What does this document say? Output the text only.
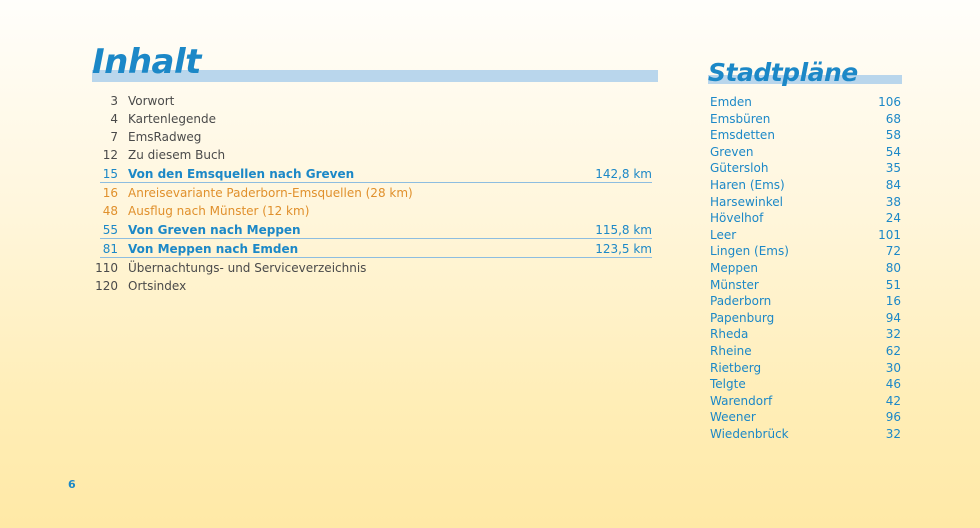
Inhalt
3 Vorwort
4 Kartenlegende
7 EmsRadweg
12 Zu diesem Buch
15 Von den Emsquellen nach Greven	142,8 km
16 Anreisevariante Paderborn-Emsquellen (28 km)
48 Ausflug nach Münster (12 km)
55 Von Greven nach Meppen	115,8 km
81 Von Meppen nach Emden	123,5 km
110 Übernachtungs- und Serviceverzeichnis
120 Ortsindex
Stadtpläne
Emden	106
Emsbüren	68
Emsdetten	58
Greven	54
Gütersloh	35
Haren (Ems)	84
Harsewinkel	38
Hövelhof	24
Leer	101
Lingen (Ems)	72
Meppen	80
Münster	51
Paderborn	16
Papenburg	94
Rheda	32
Rheine	62
Rietberg	30
Telgte	46
Warendorf	42
Weener	96
Wiedenbrück	32
6
